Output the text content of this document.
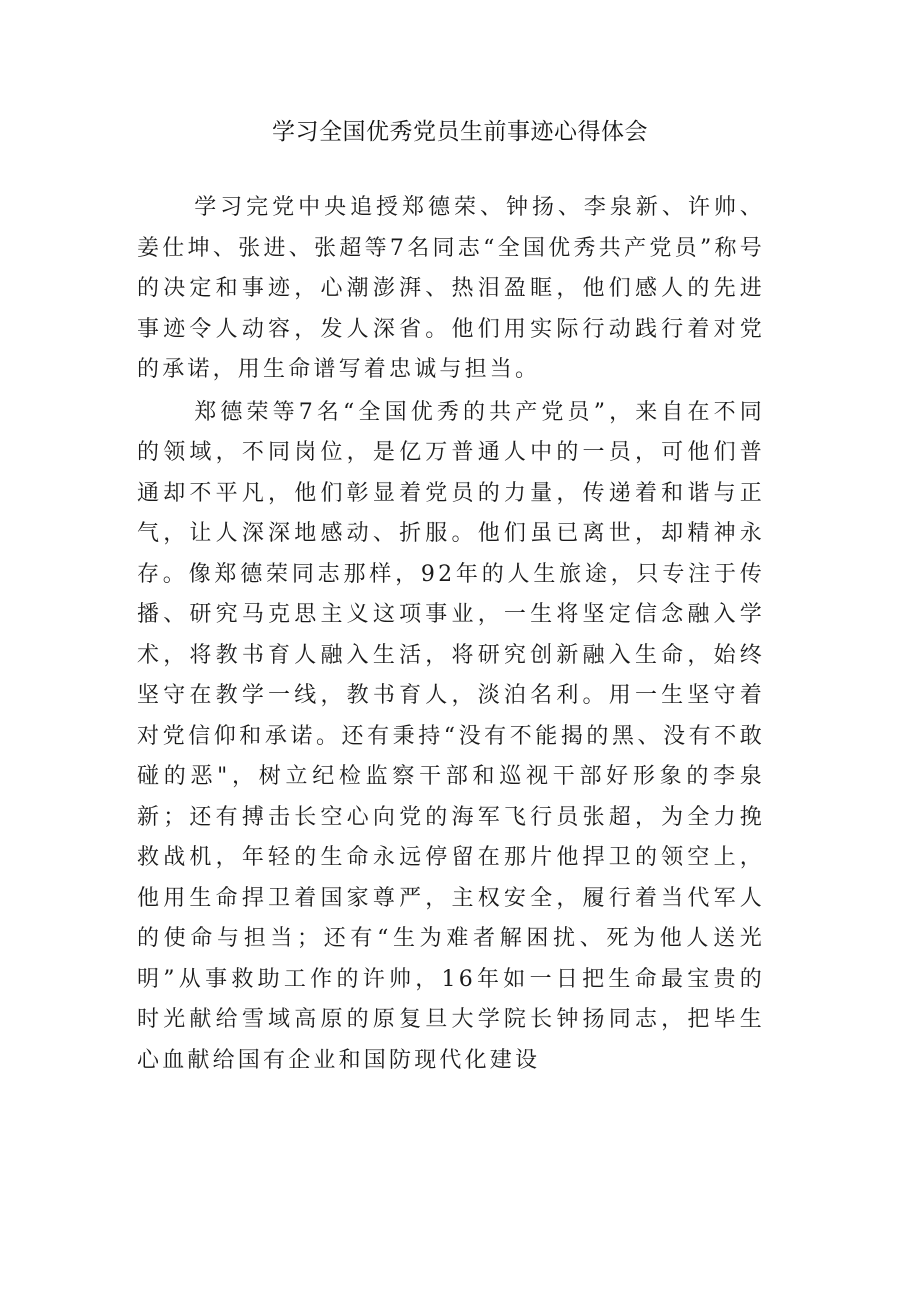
学习全国优秀党员生前事迹心得体会

学习完党中央追授郑德荣、钟扬、李泉新、许帅、姜仕坤、张进、张超等7名同志“全国优秀共产党员”称号的决定和事迹，心潮澎湃、热泪盈眶，他们感人的先进事迹令人动容，发人深省。他们用实际行动践行着对党的承诺，用生命谱写着忠诚与担当。

郑德荣等7名“全国优秀的共产党员”，来自在不同的领域，不同岗位，是亿万普通人中的一员，可他们普通却不平凡，他们彰显着党员的力量，传递着和谐与正气，让人深深地感动、折服。他们虽已离世，却精神永存。像郑德荣同志那样，92年的人生旅途，只专注于传播、研究马克思主义这项事业，一生将坚定信念融入学术，将教书育人融入生活，将研究创新融入生命，始终坚守在教学一线，教书育人，淡泊名利。用一生坚守着对党信仰和承诺。还有秉持“没有不能揭的黑、没有不敢碰的恶"，树立纪检监察干部和巡视干部好形象的李泉新；还有搏击长空心向党的海军飞行员张超，为全力挽救战机，年轻的生命永远停留在那片他捍卫的领空上，他用生命捍卫着国家尊严，主权安全，履行着当代军人的使命与担当；还有“生为难者解困扰、死为他人送光明”从事救助工作的许帅，16年如一日把生命最宝贵的时光献给雪域高原的原复旦大学院长钟扬同志，把毕生心血献给国有企业和国防现代化建设
